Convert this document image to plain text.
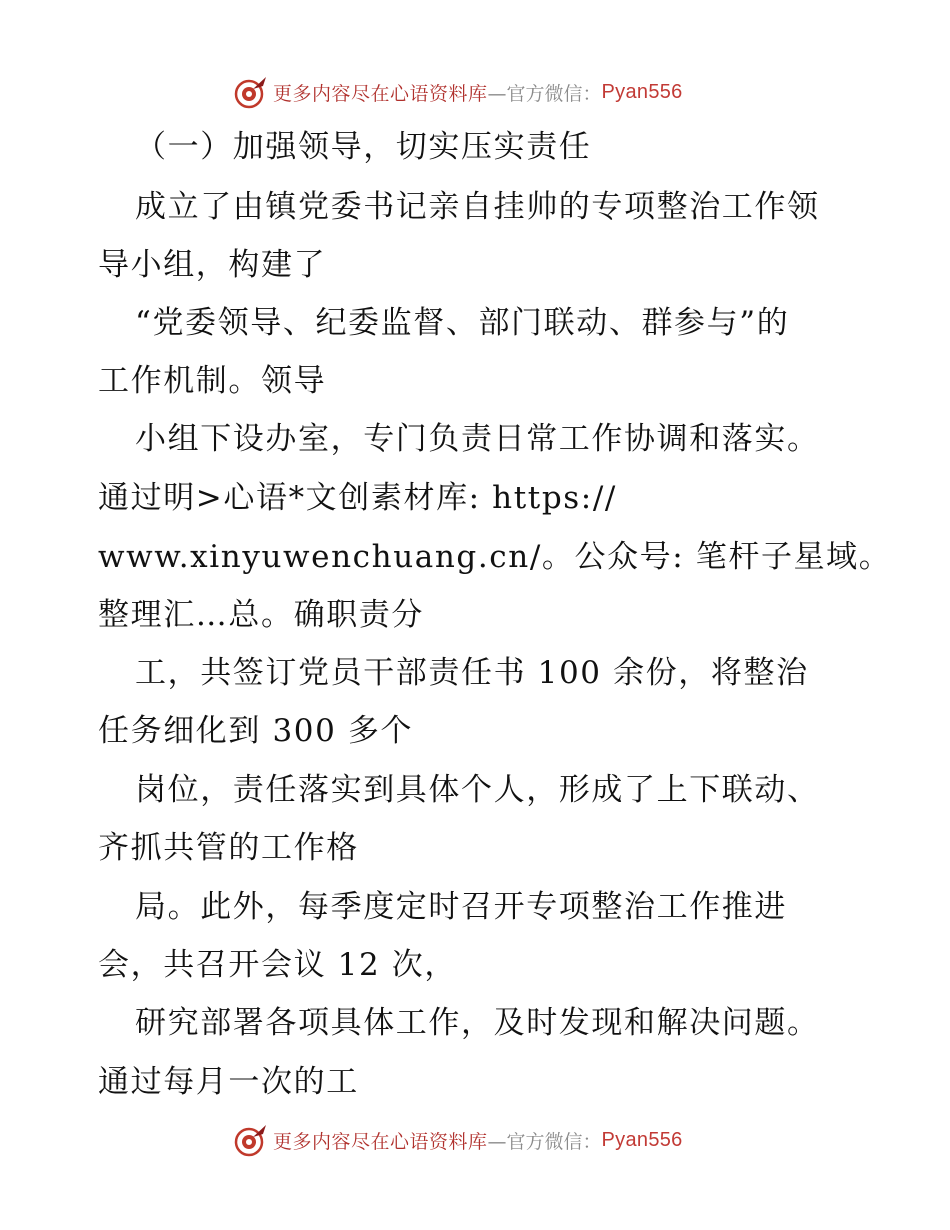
更多内容尽在心语资料库 —官方微信： Pyan556
（一）加强领导，切实压实责任
成立了由镇党委书记亲自挂帅的专项整治工作领
导小组，构建了
“党委领导、纪委监督、部门联动、群参与”的
工作机制。领导
小组下设办室，专门负责日常工作协调和落实。
通过明>心语*文创素材库: https://
www.xinyuwenchuang.cn/。公众号: 笔杆子星域。
整理汇…总。确职责分
工，共签订党员干部责任书 100 余份，将整治
任务细化到 300 多个
岗位，责任落实到具体个人，形成了上下联动、
齐抓共管的工作格
局。此外，每季度定时召开专项整治工作推进
会，共召开会议 12 次，
研究部署各项具体工作，及时发现和解决问题。
通过每月一次的工
更多内容尽在心语资料库 —官方微信： Pyan556
